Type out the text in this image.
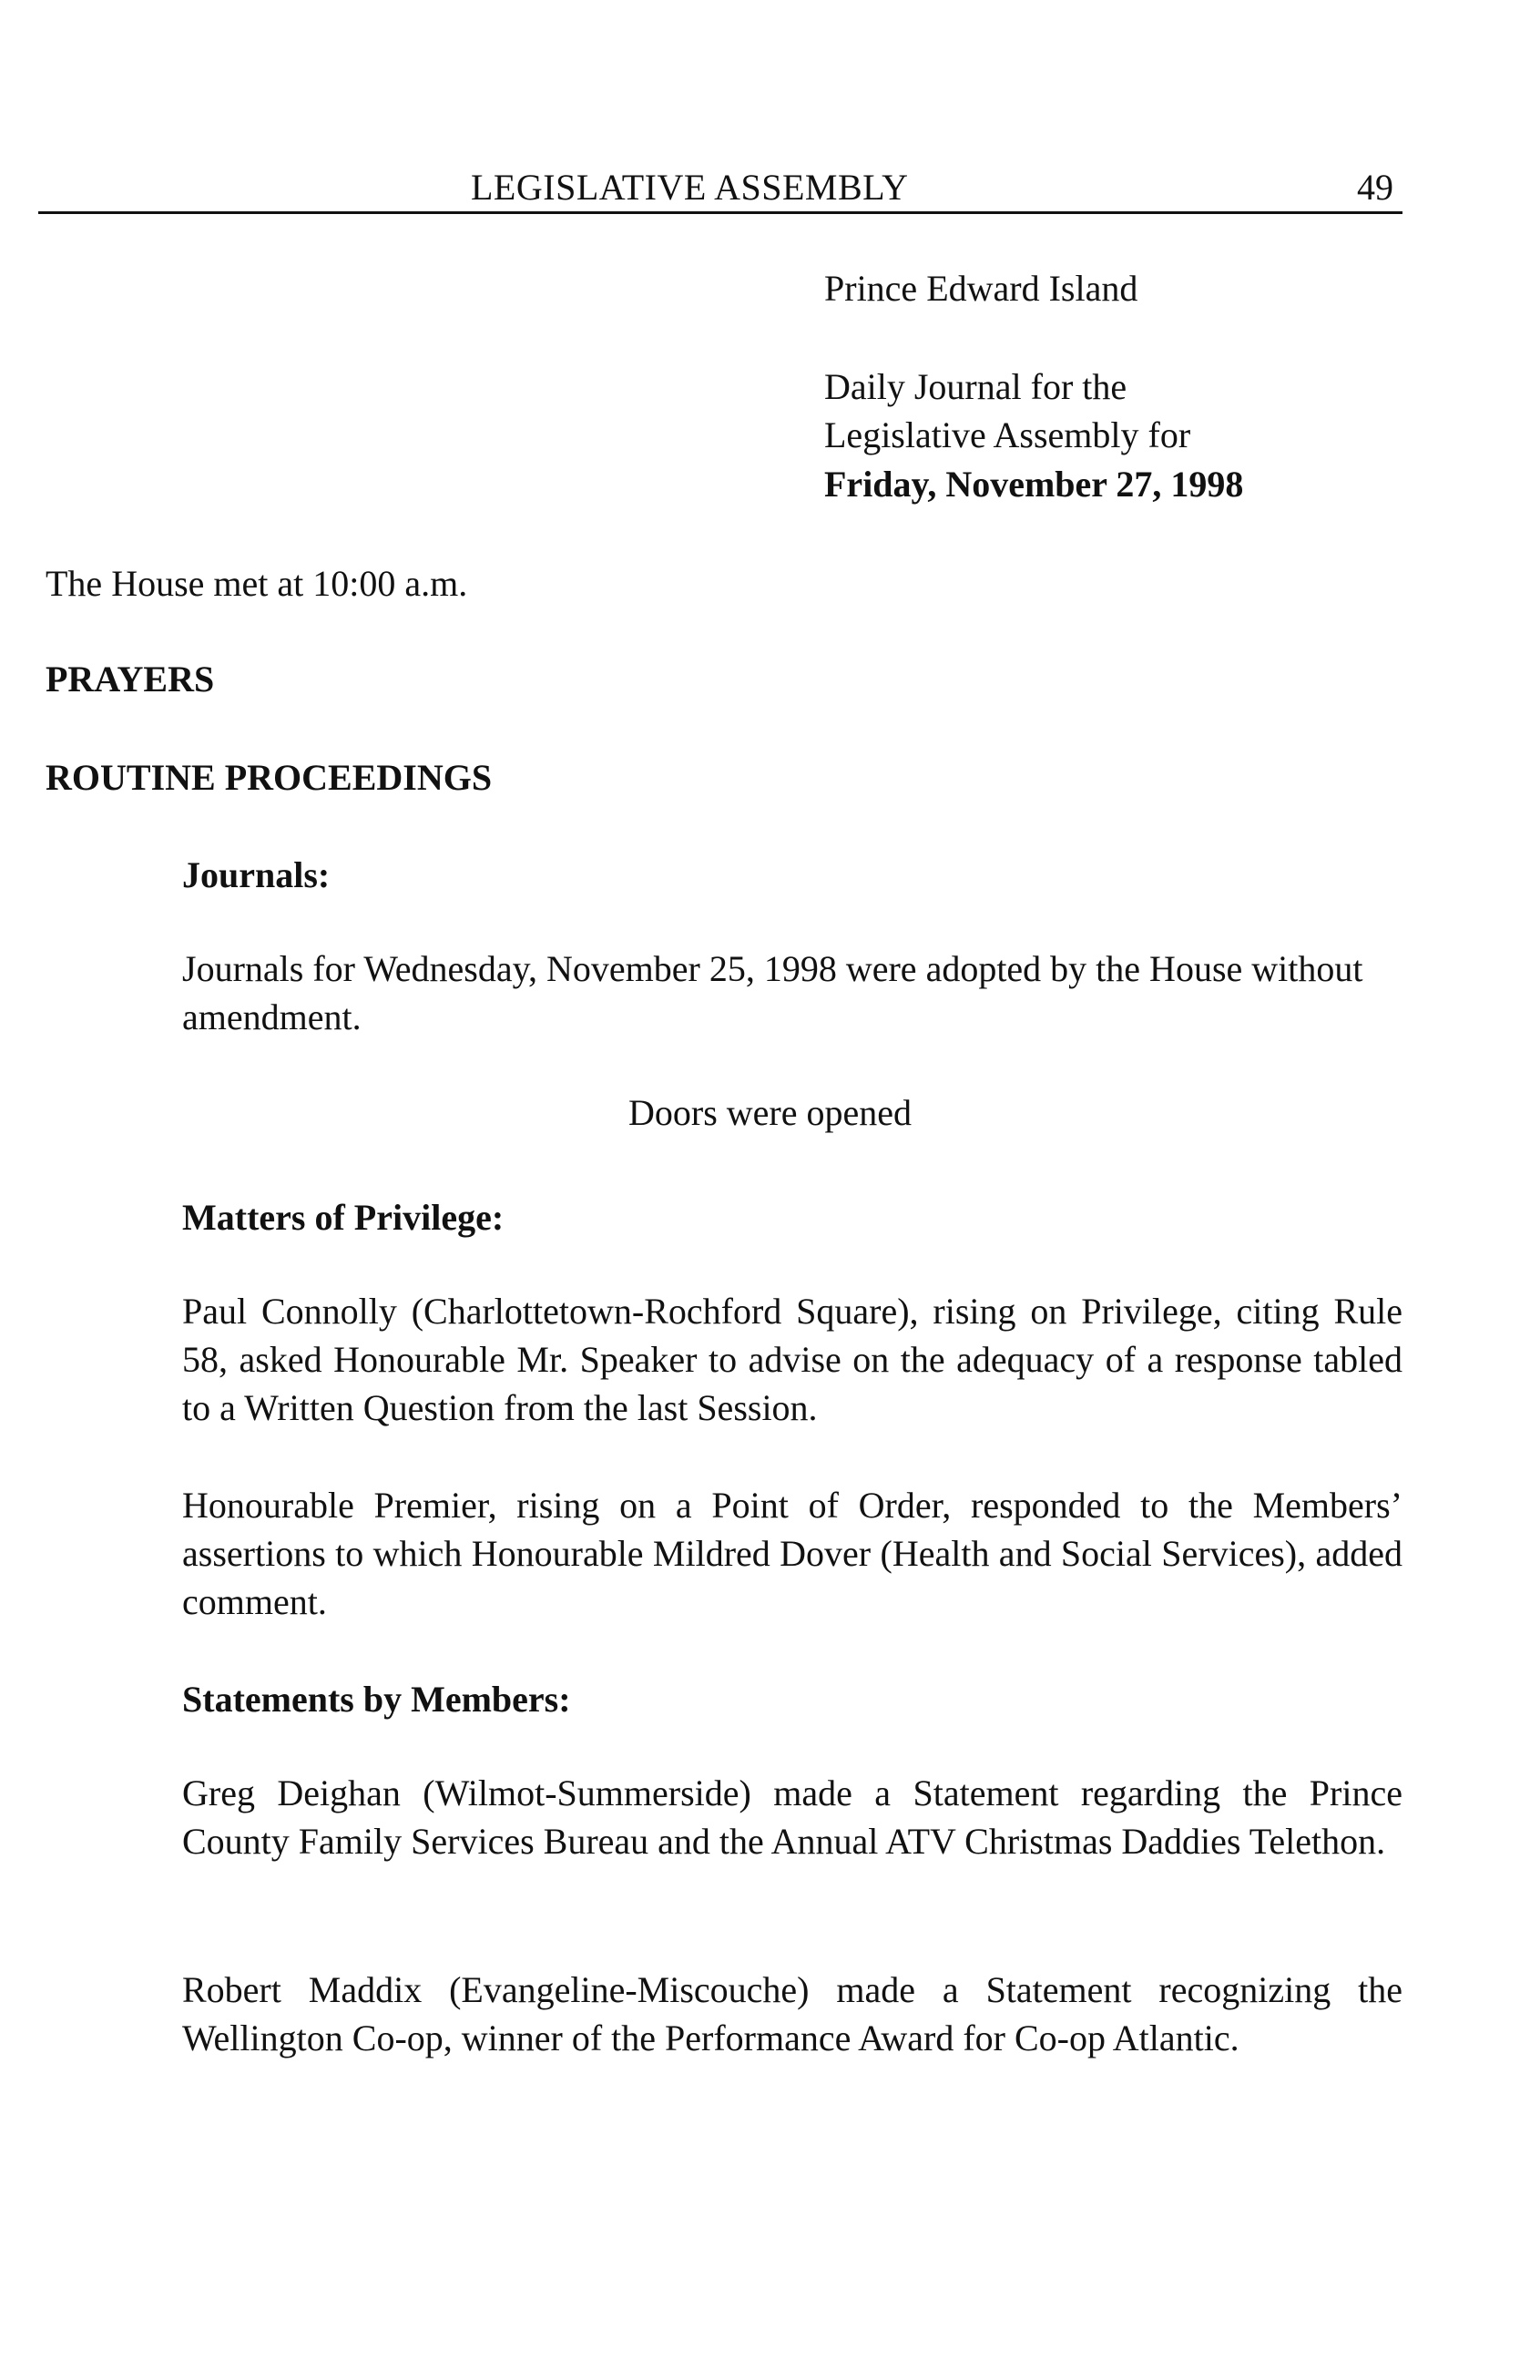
LEGISLATIVE ASSEMBLY	49
Prince Edward Island
Daily Journal for the
Legislative Assembly for
Friday, November 27, 1998
The House met at 10:00 a.m.
PRAYERS
ROUTINE PROCEEDINGS
Journals:
Journals for Wednesday, November 25, 1998 were adopted by the House without amendment.
Doors were opened
Matters of Privilege:
Paul Connolly (Charlottetown-Rochford Square), rising on Privilege, citing Rule 58, asked Honourable Mr. Speaker to advise on the adequacy of a response tabled to a Written Question from the last Session.
Honourable Premier, rising on a Point of Order, responded to the Members’ assertions to which Honourable Mildred Dover (Health and Social Services), added comment.
Statements by Members:
Greg Deighan (Wilmot-Summerside) made a Statement regarding the Prince County Family Services Bureau and the Annual ATV Christmas Daddies Telethon.
Robert Maddix (Evangeline-Miscouche) made a Statement recognizing the Wellington Co-op, winner of the Performance Award for Co-op Atlantic.
